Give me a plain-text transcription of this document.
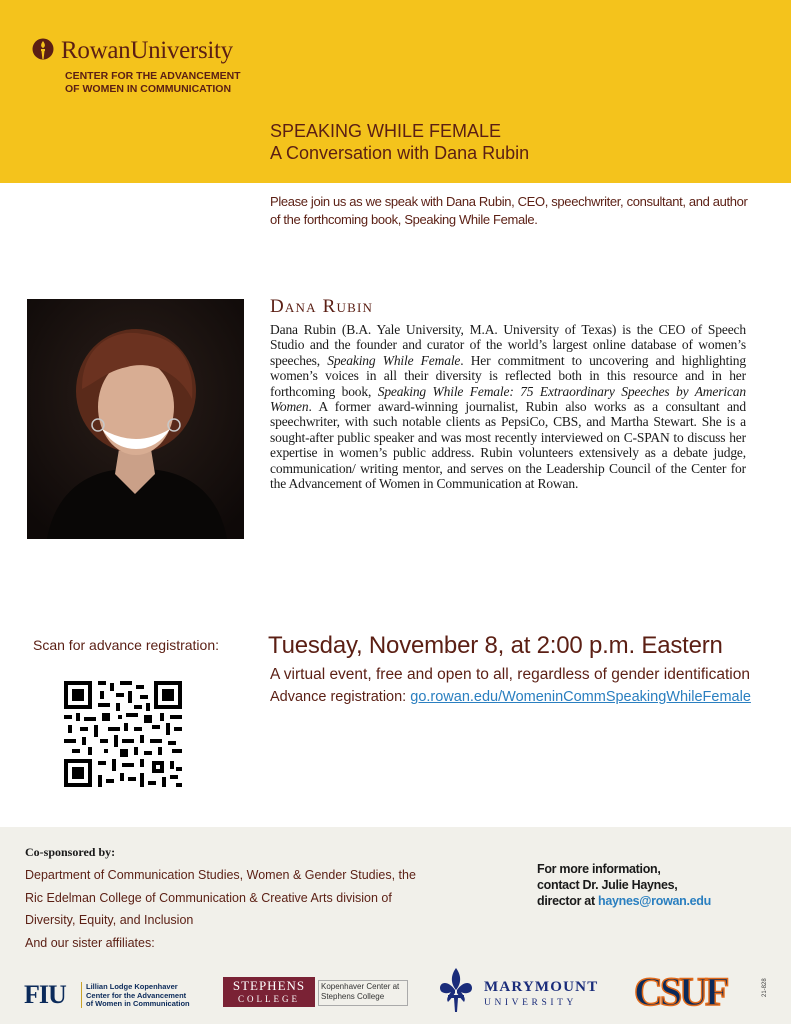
RowanUniversity
CENTER FOR THE ADVANCEMENT
OF WOMEN IN COMMUNICATION
SPEAKING WHILE FEMALE
A Conversation with Dana Rubin
Please join us as we speak with Dana Rubin, CEO, speechwriter, consultant, and author of the forthcoming book, Speaking While Female.
Dana Rubin
Dana Rubin (B.A. Yale University, M.A. University of Texas) is the CEO of Speech Studio and the founder and curator of the world’s largest online database of women’s speeches, Speaking While Female. Her commitment to uncovering and highlighting women’s voices in all their diversity is reflected both in this resource and in her forthcoming book, Speaking While Female: 75 Extraordinary Speeches by American Women. A former award-winning journalist, Rubin also works as a consultant and speechwriter, with such notable clients as PepsiCo, CBS, and Martha Stewart. She is a sought-after public speaker and was most recently interviewed on C-SPAN to discuss her expertise in women’s public address. Rubin volunteers extensively as a debate judge, communication/ writing mentor, and serves on the Leadership Council of the Center for the Advancement of Women in Communication at Rowan.
Scan for advance registration: Tuesday, November 8, at 2:00 p.m. Eastern
A virtual event, free and open to all, regardless of gender identification
Advance registration: go.rowan.edu/WomeninCommSpeakingWhileFemale
Co-sponsored by:
Department of Communication Studies, Women & Gender Studies, the
Ric Edelman College of Communication & Creative Arts division of
Diversity, Equity, and Inclusion
And our sister affiliates:
For more information,
contact Dr. Julie Haynes,
director at haynes@rowan.edu
FIU	Lillian Lodge Kopenhaver
Center for the Advancement
of Women in Communication
STEPHENS
COLLEGE
Kopenhaver Center at Stephens College
MARYMOUNT
UNIVERSITY CSUF	21-828
